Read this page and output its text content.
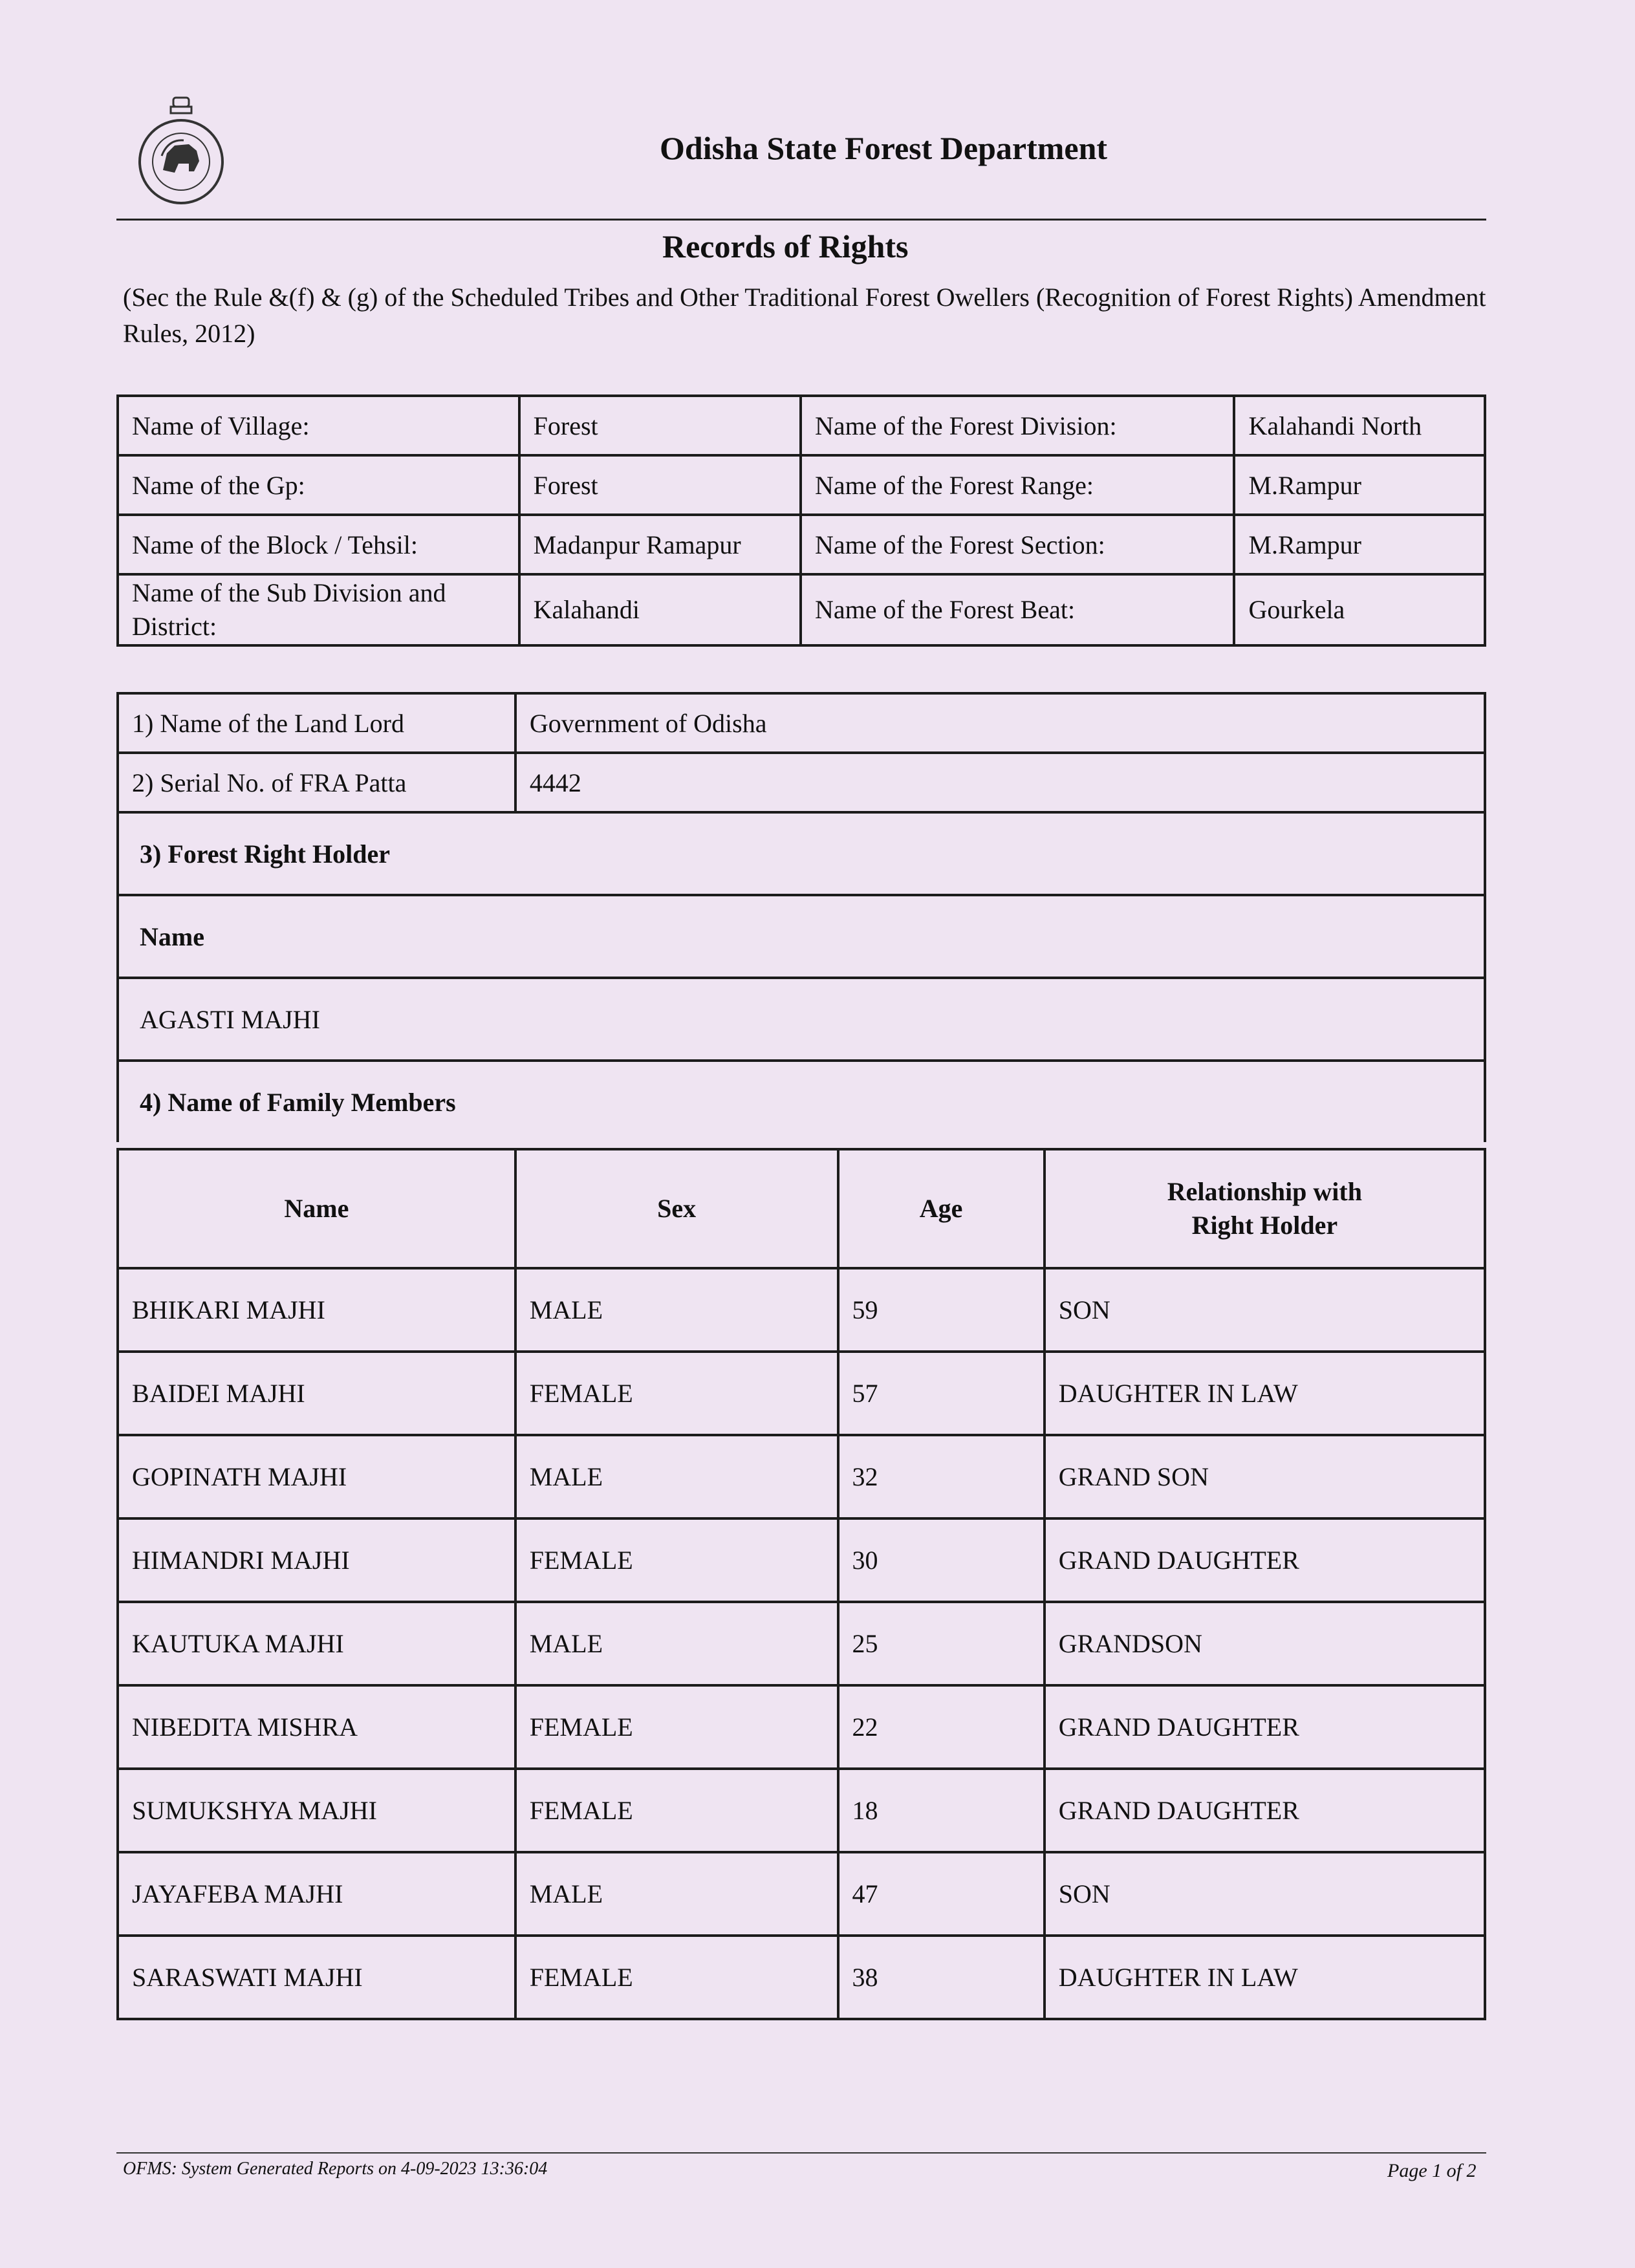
Odisha State Forest Department
Records of Rights
(Sec the Rule &(f) & (g) of the Scheduled Tribes and Other Traditional Forest Owellers (Recognition of Forest Rights) Amendment Rules, 2012)
Name of Village:	Forest	Name of the Forest Division:	Kalahandi North
Name of the Gp:	Forest	Name of the Forest Range:	M.Rampur
Name of the Block / Tehsil:	Madanpur Ramapur	Name of the Forest Section:	M.Rampur
Name of the Sub Division and District:	Kalahandi	Name of the Forest Beat:	Gourkela
1) Name of the Land Lord	Government of Odisha
2) Serial No. of FRA Patta	4442
3) Forest Right Holder	
Name	
AGASTI MAJHI	
4) Name of Family Members	
Name	Sex	Age	Relationship with Right Holder
BHIKARI MAJHI	MALE	59	SON
BAIDEI MAJHI	FEMALE	57	DAUGHTER IN LAW
GOPINATH MAJHI	MALE	32	GRAND SON
HIMANDRI MAJHI	FEMALE	30	GRAND DAUGHTER
KAUTUKA MAJHI	MALE	25	GRANDSON
NIBEDITA MISHRA	FEMALE	22	GRAND DAUGHTER
SUMUKSHYA MAJHI	FEMALE	18	GRAND DAUGHTER
JAYAFEBA MAJHI	MALE	47	SON
SARASWATI MAJHI	FEMALE	38	DAUGHTER IN LAW
OFMS: System Generated Reports on 4-09-2023 13:36:04	Page 1 of 2
